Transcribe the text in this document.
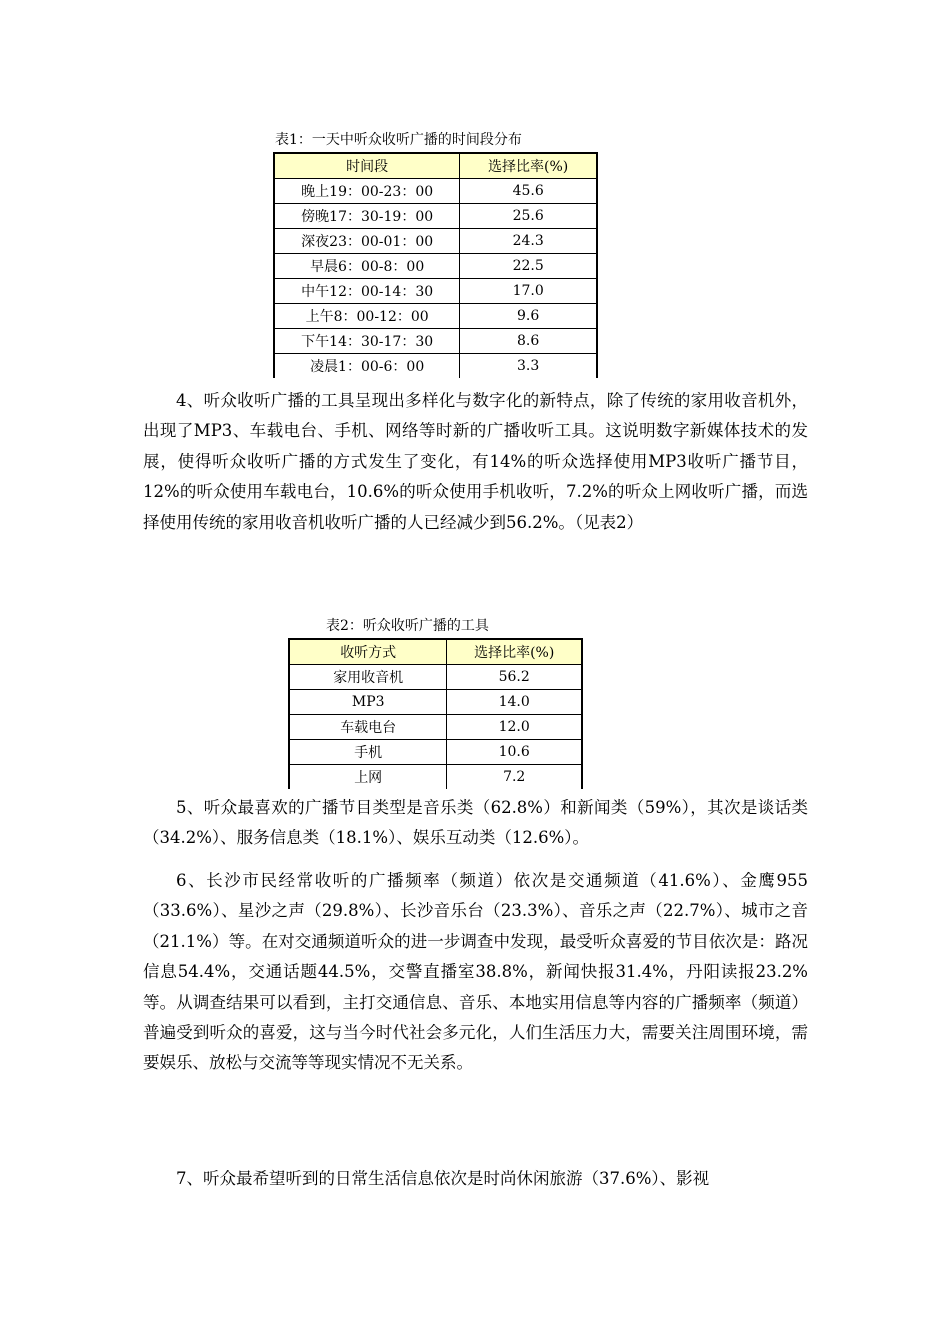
表1：一天中听众收听广播的时间段分布
时间段	选择比率(%)
晚上19：00-23：00	45.6
傍晚17：30-19：00	25.6
深夜23：00-01：00	24.3
早晨6：00-8：00	22.5
中午12：00-14：30	17.0
上午8：00-12：00	9.6
下午14：30-17：30	8.6
凌晨1：00-6：00	3.3
4、听众收听广播的工具呈现出多样化与数字化的新特点，除了传统的家用收音机外，出现了MP3、车载电台、手机、网络等时新的广播收听工具。这说明数字新媒体技术的发展，使得听众收听广播的方式发生了变化，有14%的听众选择使用MP3收听广播节目，12%的听众使用车载电台，10.6%的听众使用手机收听，7.2%的听众上网收听广播，而选择使用传统的家用收音机收听广播的人已经减少到56.2%。（见表2）
表2：听众收听广播的工具
收听方式	选择比率(%)
家用收音机	56.2
MP3	14.0
车载电台	12.0
手机	10.6
上网	7.2
5、听众最喜欢的广播节目类型是音乐类（62.8%）和新闻类（59%），其次是谈话类（34.2%）、服务信息类（18.1%）、娱乐互动类（12.6%）。
6、长沙市民经常收听的广播频率（频道）依次是交通频道（41.6%）、金鹰955（33.6%）、星沙之声（29.8%）、长沙音乐台（23.3%）、音乐之声（22.7%）、城市之音（21.1%）等。在对交通频道听众的进一步调查中发现，最受听众喜爱的节目依次是：路况信息54.4%，交通话题44.5%，交警直播室38.8%，新闻快报31.4%，丹阳读报23.2%等。从调查结果可以看到，主打交通信息、音乐、本地实用信息等内容的广播频率（频道）普遍受到听众的喜爱，这与当今时代社会多元化，人们生活压力大，需要关注周围环境，需要娱乐、放松与交流等等现实情况不无关系。
7、听众最希望听到的日常生活信息依次是时尚休闲旅游（37.6%）、影视
